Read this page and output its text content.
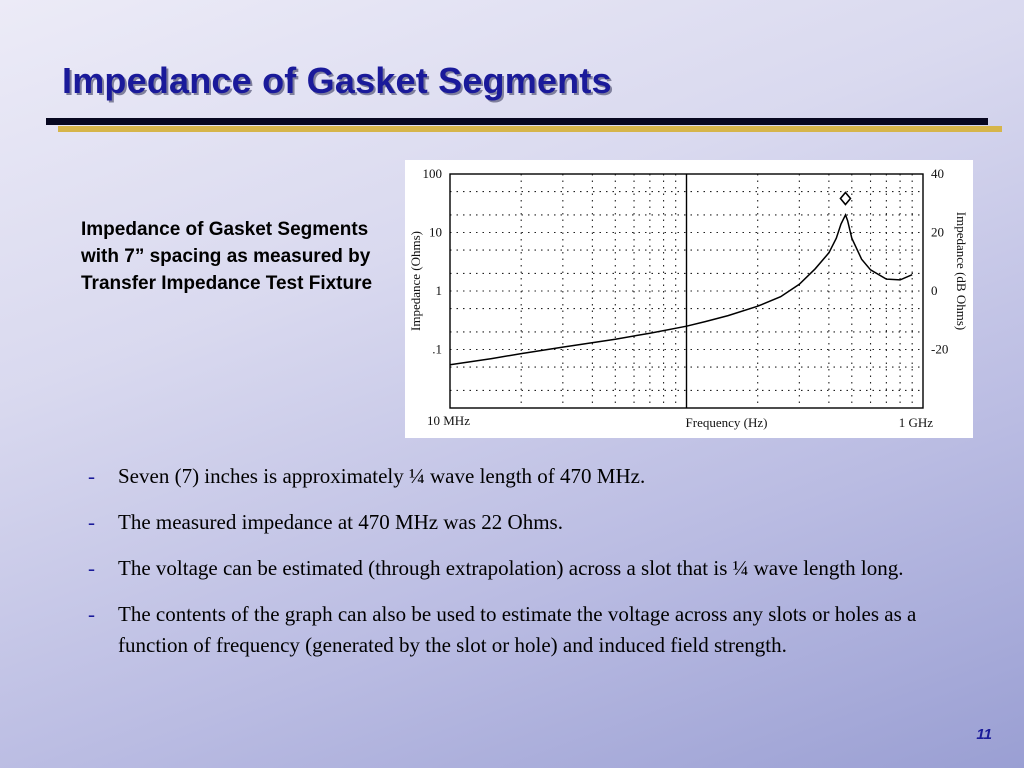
Impedance of Gasket Segments
Impedance of Gasket Segments with 7” spacing as measured by Transfer Impedance Test Fixture
100
10
1
.1
40
20
0
-20
10 MHz	1 GHz
Frequency (Hz)
Impedance (Ohms)	Impedance (dB Ohms)
- Seven (7) inches is approximately ¼ wave length of 470 MHz.
- The measured impedance at 470 MHz was 22 Ohms.
- The voltage can be estimated (through extrapolation) across a slot that is ¼ wave length long.
- The contents of the graph can also be used to estimate the voltage across any slots or holes as a function of frequency (generated by the slot or hole) and induced field strength.
11
